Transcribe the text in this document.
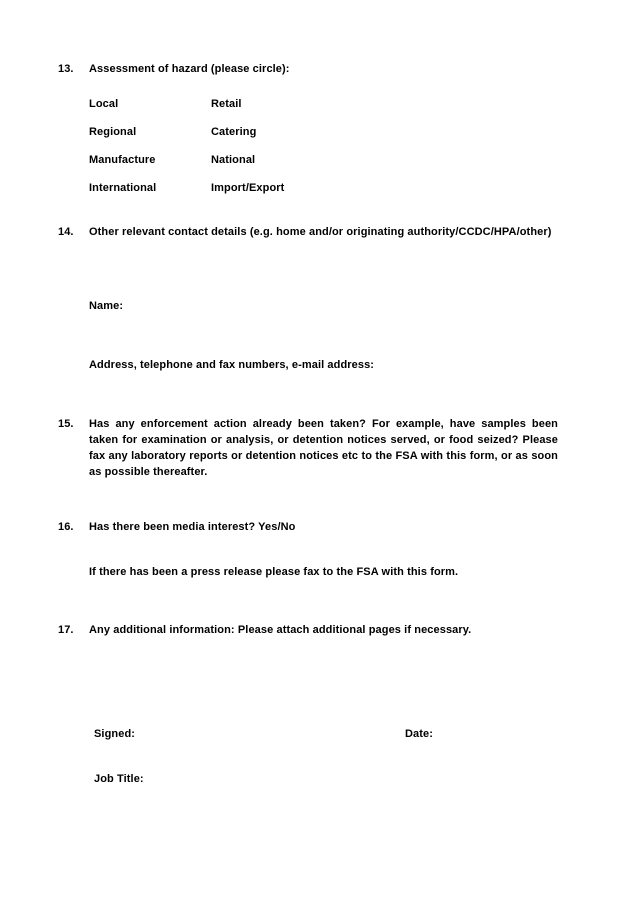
13.	Assessment of hazard (please circle):
Local	Retail
Regional	Catering
Manufacture	National
International	Import/Export
14.	Other relevant contact details (e.g. home and/or originating authority/CCDC/HPA/other)
Name:
Address, telephone and fax numbers, e-mail address:
15.	Has any enforcement action already been taken? For example, have samples been taken for examination or analysis, or detention notices served, or food seized? Please fax any laboratory reports or detention notices etc to the FSA with this form, or as soon as possible thereafter.
16.	Has there been media interest? Yes/No
If there has been a press release please fax to the FSA with this form.
17.	Any additional information: Please attach additional pages if necessary.
Signed:	Date:
Job Title:
